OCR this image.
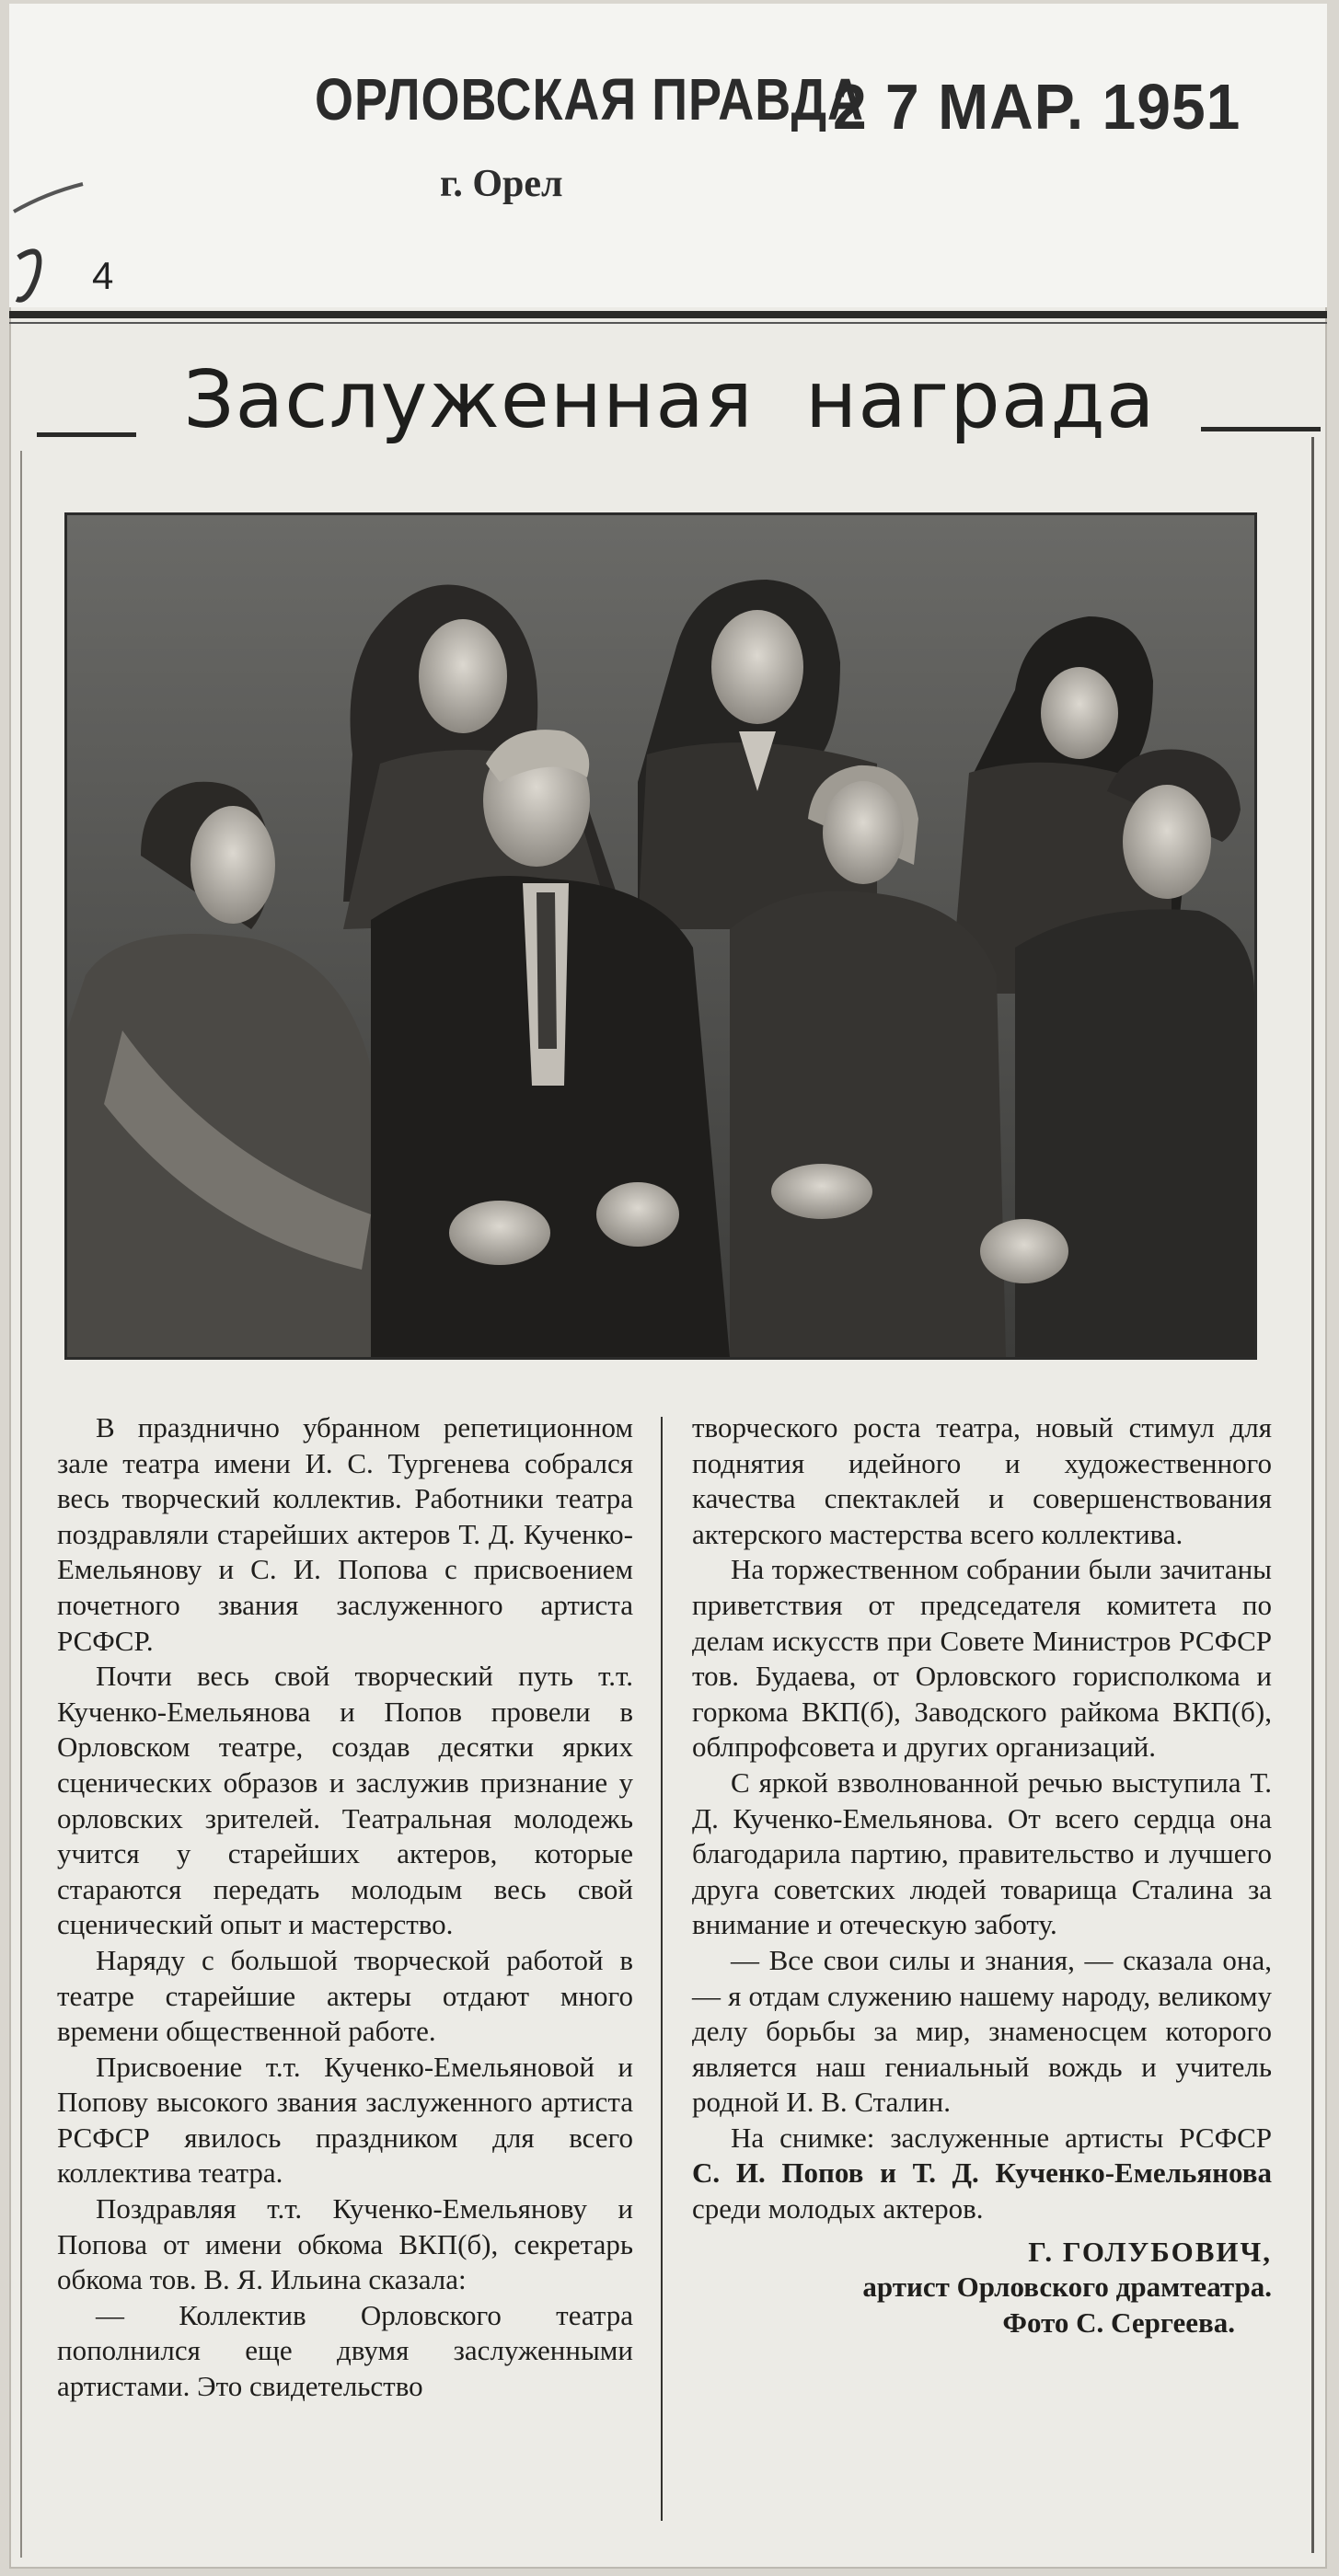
ОРЛОВСКАЯ ПРАВДА
2 7 МАР. 1951
г. Орел
4
Заслуженная награда

В празднично убранном репетиционном зале театра имени И. С. Тургенева собрался весь творческий коллектив. Работники театра поздравляли старейших актеров Т. Д. Кученко-Емельянову и С. И. Попова с присвоением почетного звания заслуженного артиста РСФСР.

Почти весь свой творческий путь т.т. Кученко-Емельянова и Попов провели в Орловском театре, создав десятки ярких сценических образов и заслужив признание у орловских зрителей. Театральная молодежь учится у старейших актеров, которые стараются передать молодым весь свой сценический опыт и мастерство.

Наряду с большой творческой работой в театре старейшие актеры отдают много времени общественной работе.

Присвоение т.т. Кученко-Емельяновой и Попову высокого звания заслуженного артиста РСФСР явилось праздником для всего коллектива театра.

Поздравляя т.т. Кученко-Емельянову и Попова от имени обкома ВКП(б), секретарь обкома тов. В. Я. Ильина сказала:

— Коллектив Орловского театра пополнился еще двумя заслуженными артистами. Это свидетельство

творческого роста театра, новый стимул для поднятия идейного и художественного качества спектаклей и совершенствования актерского мастерства всего коллектива.

На торжественном собрании были зачитаны приветствия от председателя комитета по делам искусств при Совете Министров РСФСР тов. Будаева, от Орловского горисполкома и горкома ВКП(б), Заводского райкома ВКП(б), облпрофсовета и других организаций.

С яркой взволнованной речью выступила Т. Д. Кученко-Емельянова. От всего сердца она благодарила партию, правительство и лучшего друга советских людей товарища Сталина за внимание и отеческую заботу.

— Все свои силы и знания, — сказала она, — я отдам служению нашему народу, великому делу борьбы за мир, знаменосцем которого является наш гениальный вождь и учитель родной И. В. Сталин.

На снимке: заслуженные артисты РСФСР С. И. Попов и Т. Д. Кученко-Емельянова среди молодых актеров.

Г. ГОЛУБОВИЧ,

артист Орловского драмтеатра.

Фото С. Сергеева.
